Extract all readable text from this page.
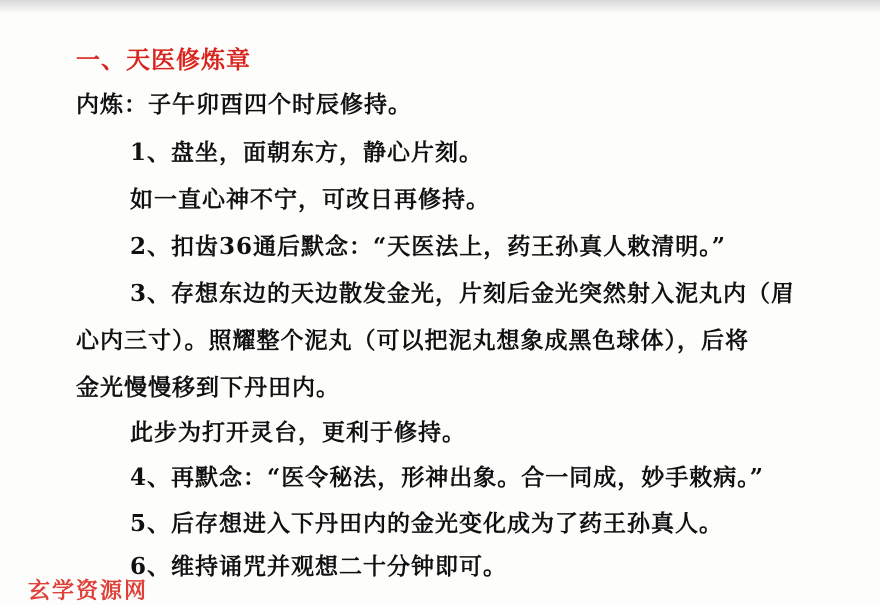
一、天医修炼章
内炼：子午卯酉四个时辰修持。
1、盘坐，面朝东方，静心片刻。
如一直心神不宁，可改日再修持。
2、扣齿36通后默念：“天医法上，药王孙真人敕清明。”
3、存想东边的天边散发金光，片刻后金光突然射入泥丸内（眉
心内三寸）。照耀整个泥丸（可以把泥丸想象成黑色球体），后将
金光慢慢移到下丹田内。
此步为打开灵台，更利于修持。
4、再默念：“医令秘法，形神出象。合一同成，妙手敕病。”
5、后存想进入下丹田内的金光变化成为了药王孙真人。
6、维持诵咒并观想二十分钟即可。
玄学资源网
